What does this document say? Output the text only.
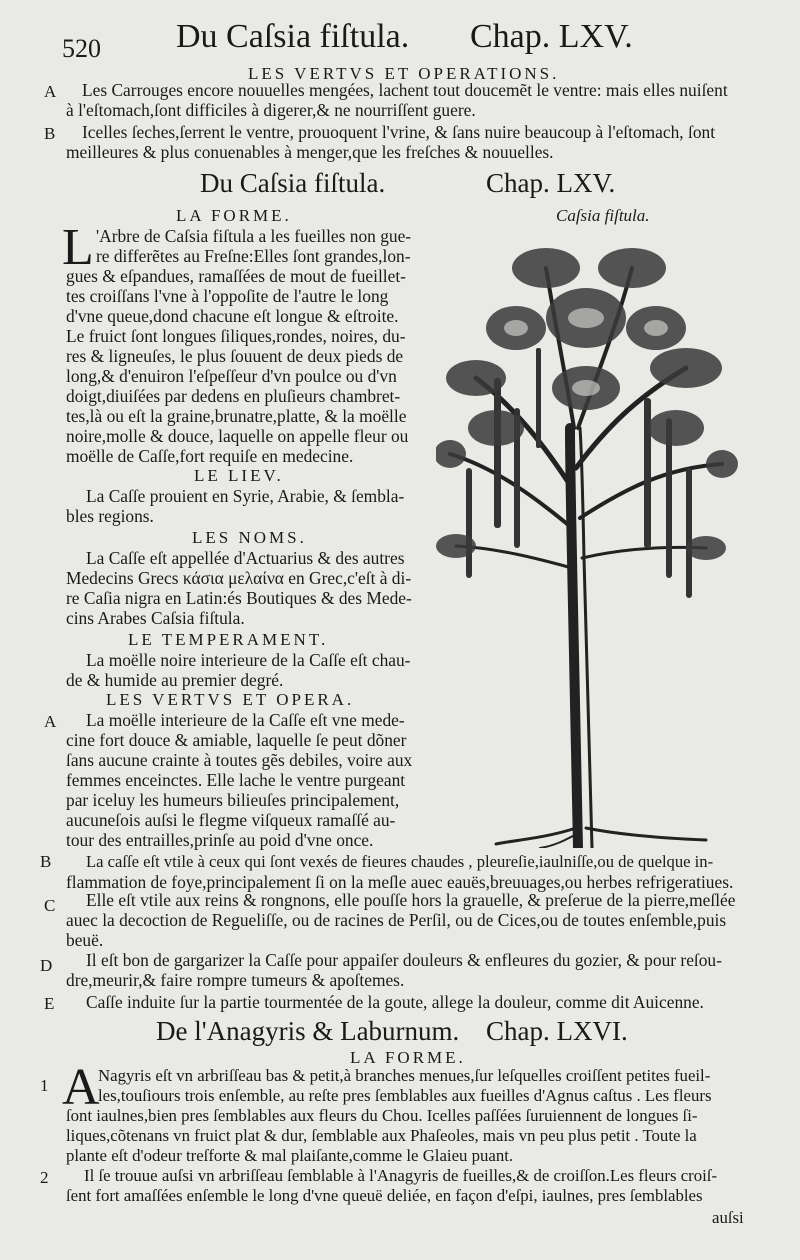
520 Du Caſsia fiſtula. Chap. LXV.
LES VERTVS ET OPERATIONS.
A Les Carrouges encore nouuelles mengées, lachent tout doucemẽt le ventre: mais elles nuiſent
à l'eſtomach,ſont difficiles à digerer,& ne nourriſſent guere.
B Icelles ſeches,ſerrent le ventre, prouoquent l'vrine, & ſans nuire beaucoup à l'eſtomach, ſont
meilleures & plus conuenables à menger,que les freſches & nouuelles.
Du Caſsia fiſtula.	Chap. LXV.
LA FORME.	Caſsia fiſtula.
L 'Arbre de Caſsia fiſtula a les fueilles non gue-
re differẽtes au Freſne:Elles ſont grandes,lon-
gues & eſpandues, ramaſſées de mout de fueillet-
tes croiſſans l'vne à l'oppoſite de l'autre le long
d'vne queue,dond chacune eſt longue & eſtroite.
Le fruict ſont longues ſiliques,rondes, noires, du-
res & ligneuſes, le plus ſouuent de deux pieds de
long,& d'enuiron l'eſpeſſeur d'vn poulce ou d'vn
doigt,diuiſées par dedens en pluſieurs chambret-
tes,là ou eſt la graine,brunatre,platte, & la moëlle
noire,molle & douce, laquelle on appelle fleur ou
moëlle de Caſſe,fort requiſe en medecine.
LE LIEV.
La Caſſe prouient en Syrie, Arabie, & ſembla-
bles regions.
LES NOMS.
La Caſſe eſt appellée d'Actuarius & des autres
Medecins Grecs κάσια μελαίνα en Grec,c'eſt à di-
re Caſia nigra en Latin:és Boutiques & des Mede-
cins Arabes Caſsia fiſtula.
LE TEMPERAMENT.
La moëlle noire interieure de la Caſſe eſt chau-
de & humide au premier degré.
LES VERTVS ET OPERA.
A La moëlle interieure de la Caſſe eſt vne mede-
cine fort douce & amiable, laquelle ſe peut dõner
ſans aucune crainte à toutes gẽs debiles, voire aux
femmes enceinctes. Elle lache le ventre purgeant
par iceluy les humeurs bilieuſes principalement,
aucuneſois auſsi le flegme viſqueux ramaſſé au-
tour des entrailles,prinſe au poid d'vne once.
B La caſſe eſt vtile à ceux qui ſont vexés de fieures chaudes , pleureſie,iaulniſſe,ou de quelque in-
flammation de foye,principalement ſi on la meſle auec eauës,breuuages,ou herbes refrigeratiues.
C Elle eſt vtile aux reins & rongnons, elle pouſſe hors la grauelle, & preſerue de la pierre,meſlée
auec la decoction de Regueliſſe, ou de racines de Perſil, ou de Cices,ou de toutes enſemble,puis
beuë.
D Il eſt bon de gargarizer la Caſſe pour appaiſer douleurs & enfleures du gozier, & pour reſou-
dre,meurir,& faire rompre tumeurs & apoſtemes.
E Caſſe induite ſur la partie tourmentée de la goute, allege la douleur, comme dit Auicenne.
De l'Anagyris & Laburnum. Chap. LXVI.
LA FORME.
1 A
Nagyris eſt vn arbriſſeau bas & petit,à branches menues,ſur leſquelles croiſſent petites fueil-
les,touſiours trois enſemble, au reſte pres ſemblables aux fueilles d'Agnus caſtus . Les fleurs
ſont iaulnes,bien pres ſemblables aux fleurs du Chou. Icelles paſſées ſuruiennent de longues ſi-
liques,cõtenans vn fruict plat & dur, ſemblable aux Phaſeoles, mais vn peu plus petit . Toute la
plante eſt d'odeur treſforte & mal plaiſante,comme le Glaieu puant.
2 Il ſe trouue auſsi vn arbriſſeau ſemblable à l'Anagyris de fueilles,& de croiſſon.Les fleurs croiſ-
ſent fort amaſſées enſemble le long d'vne queuë deliée, en façon d'eſpi, iaulnes, pres ſemblables
auſsi
